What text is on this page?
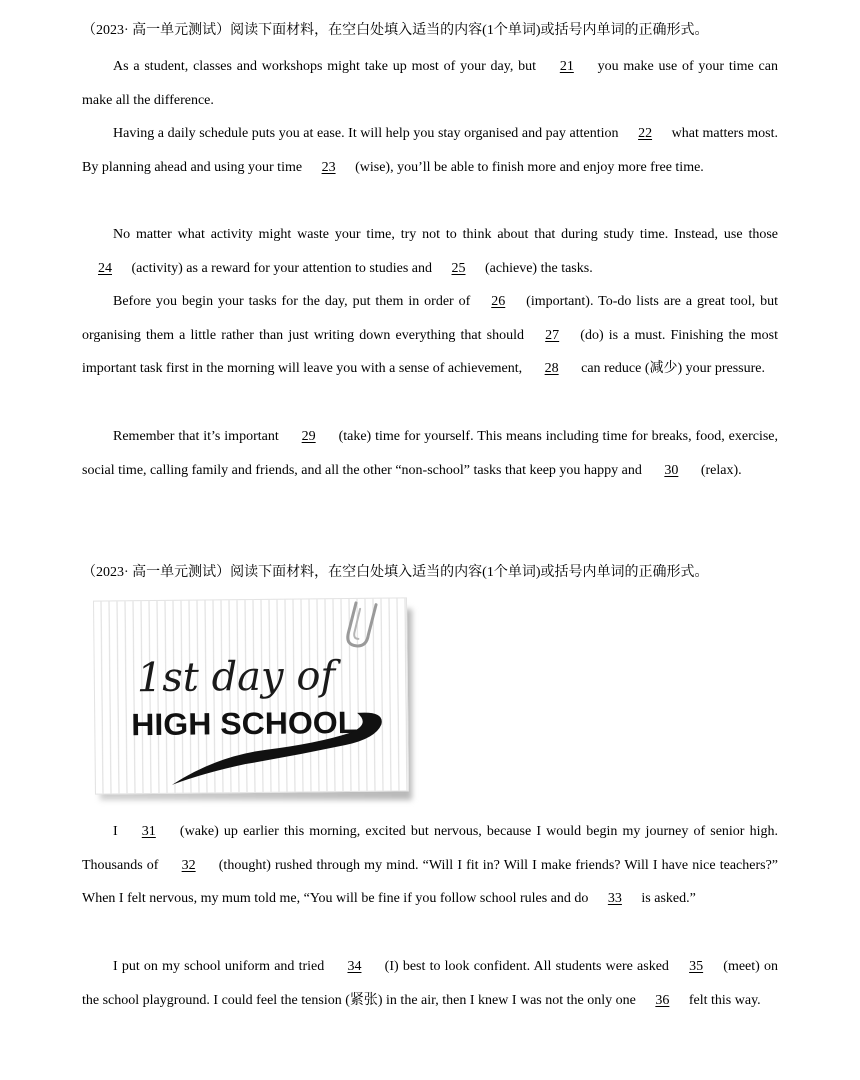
（2023· 高一单元测试）阅读下面材料，在空白处填入适当的内容(1个单词)或括号内单词的正确形式。

As a student, classes and workshops might take up most of your day, but 21 you make use of your time can make all the difference.

Having a daily schedule puts you at ease. It will help you stay organised and pay attention 22 what matters most. By planning ahead and using your time 23 (wise), you’ll be able to finish more and enjoy more free time.

No matter what activity might waste your time, try not to think about that during study time. Instead, use those 24 (activity) as a reward for your attention to studies and 25 (achieve) the tasks.

Before you begin your tasks for the day, put them in order of 26 (important). To-do lists are a great tool, but organising them a little rather than just writing down everything that should 27 (do) is a must. Finishing the most important task first in the morning will leave you with a sense of achievement, 28 can reduce (减少) your pressure.

Remember that it’s important 29 (take) time for yourself. This means including time for breaks, food, exercise, social time, calling family and friends, and all the other “non-school” tasks that keep you happy and 30 (relax).

（2023· 高一单元测试）阅读下面材料，在空白处填入适当的内容(1个单词)或括号内单词的正确形式。
1st day of
HIGH SCHOOL

I 31 (wake) up earlier this morning, excited but nervous, because I would begin my journey of senior high. Thousands of 32 (thought) rushed through my mind. “Will I fit in? Will I make friends? Will I have nice teachers?” When I felt nervous, my mum told me, “You will be fine if you follow school rules and do 33 is asked.”

I put on my school uniform and tried 34 (I) best to look confident. All students were asked 35 (meet) on the school playground. I could feel the tension (紧张) in the air, then I knew I was not the only one 36 felt this way.
